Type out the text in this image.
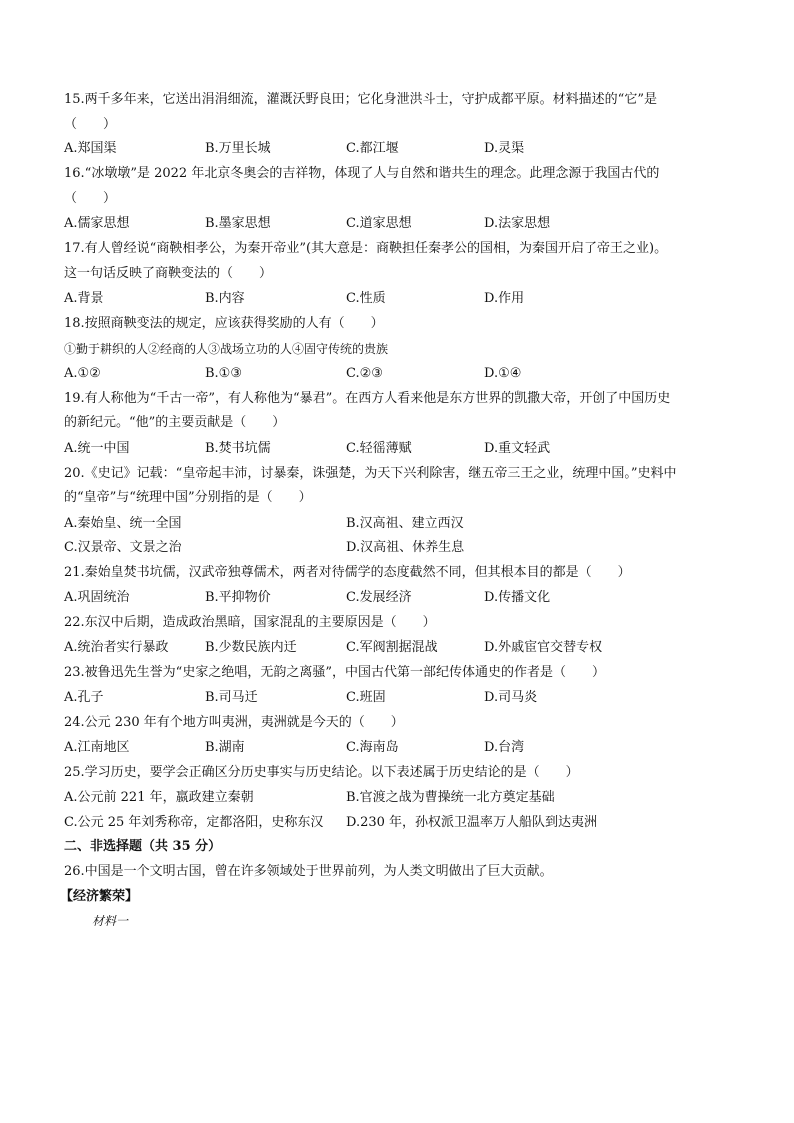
15.两千多年来，它送出涓涓细流，灌溉沃野良田；它化身泄洪斗士，守护成都平原。材料描述的“它”是
（　　）
A.郑国渠	B.万里长城	C.都江堰	D.灵渠
16.“冰墩墩”是 2022 年北京冬奥会的吉祥物，体现了人与自然和谐共生的理念。此理念源于我国古代的
（　　）
A.儒家思想	B.墨家思想	C.道家思想	D.法家思想
17.有人曾经说“商鞅相孝公，为秦开帝业”(其大意是：商鞅担任秦孝公的国相，为秦国开启了帝王之业)。
这一句话反映了商鞅变法的（　　）
A.背景	B.内容	C.性质	D.作用
18.按照商鞅变法的规定，应该获得奖励的人有（　　）
①勤于耕织的人②经商的人③战场立功的人④固守传统的贵族
A.①②	B.①③	C.②③	D.①④
19.有人称他为“千古一帝”，有人称他为“暴君”。在西方人看来他是东方世界的凯撒大帝，开创了中国历史
的新纪元。“他”的主要贡献是（　　）
A.统一中国	B.焚书坑儒	C.轻徭薄赋	D.重文轻武
20.《史记》记载：“皇帝起丰沛，讨暴秦，诛强楚，为天下兴利除害，继五帝三王之业，统理中国。”史料中
的“皇帝”与“统理中国”分别指的是（　　）
A.秦始皇、统一全国	B.汉高祖、建立西汉
C.汉景帝、文景之治	D.汉高祖、休养生息
21.秦始皇焚书坑儒，汉武帝独尊儒术，两者对待儒学的态度截然不同，但其根本目的都是（　　）
A.巩固统治	B.平抑物价	C.发展经济	D.传播文化
22.东汉中后期，造成政治黑暗，国家混乱的主要原因是（　　）
A.统治者实行暴政	B.少数民族内迁	C.军阀割据混战	D.外戚宦官交替专权
23.被鲁迅先生誉为“史家之绝唱，无韵之离骚”，中国古代第一部纪传体通史的作者是（　　）
A.孔子	B.司马迁	C.班固	D.司马炎
24.公元 230 年有个地方叫夷洲，夷洲就是今天的（　　）
A.江南地区	B.湖南	C.海南岛	D.台湾
25.学习历史，要学会正确区分历史事实与历史结论。以下表述属于历史结论的是（　　）
A.公元前 221 年，嬴政建立秦朝	B.官渡之战为曹操统一北方奠定基础
C.公元 25 年刘秀称帝，定都洛阳，史称东汉 D.230 年，孙权派卫温率万人船队到达夷洲
二、非选择题（共 35 分）
26.中国是一个文明古国，曾在许多领域处于世界前列，为人类文明做出了巨大贡献。
【经济繁荣】
材料一
